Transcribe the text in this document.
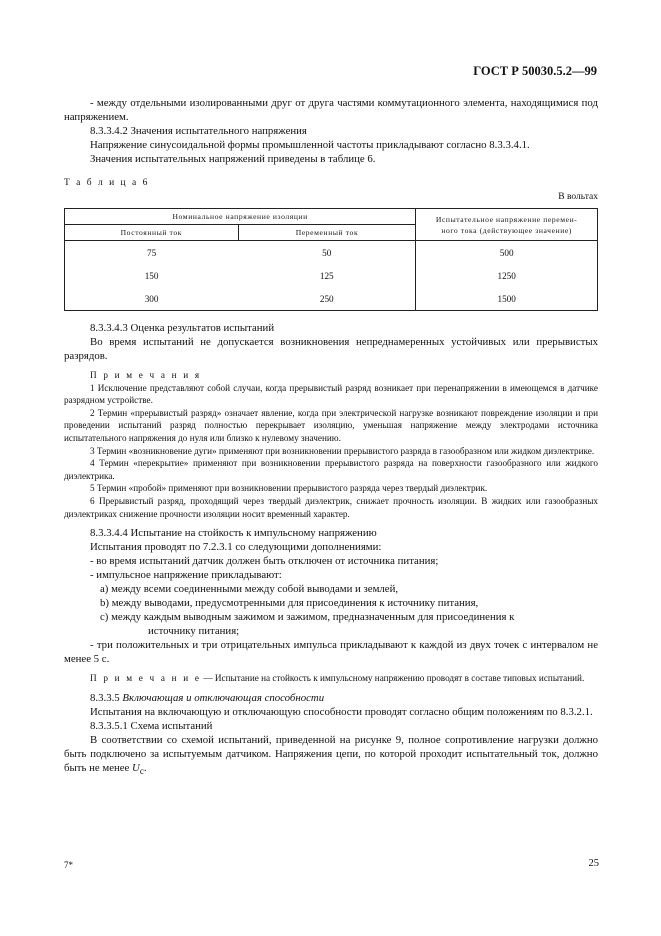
ГОСТ Р 50030.5.2—99

- между отдельными изолированными друг от друга частями коммутационного элемента, находящимися под напряжением.

8.3.3.4.2 Значения испытательного напряжения

Напряжение синусоидальной формы промышленной частоты прикладывают согласно 8.3.3.4.1.

Значения испытательных напряжений приведены в таблице 6.

Т а б л и ц а 6
В вольтах
Номинальное напряжение изоляции		Испытательное напряжение перемен-
ного тока (действующее значение)
Постоянный ток	Переменный ток	
75	50	500
150	125	1250
300	250	1500

8.3.3.4.3 Оценка результатов испытаний

Во время испытаний не допускается возникновения непреднамеренных устойчивых или прерывистых разрядов.

П р и м е ч а н и я

1 Исключение представляют собой случаи, когда прерывистый разряд возникает при перенапряжении в имеющемся в датчике разрядном устройстве.

2 Термин «прерывистый разряд» означает явление, когда при электрической нагрузке возникают повреждение изоляции и при проведении испытаний разряд полностью перекрывает изоляцию, уменьшая напряжение между электродами источника испытательного напряжения до нуля или близко к нулевому значению.

3 Термин «возникновение дуги» применяют при возникновении прерывистого разряда в газообразном или жидком диэлектрике.

4 Термин «перекрытие» применяют при возникновении прерывистого разряда на поверхности газообразного или жидкого диэлектрика.

5 Термин «пробой» применяют при возникновении прерывистого разряда через твердый диэлектрик.

6 Прерывистый разряд, проходящий через твердый диэлектрик, снижает прочность изоляции. В жидких или газообразных диэлектриках снижение прочности изоляции носит временный характер.

8.3.3.4.4 Испытание на стойкость к импульсному напряжению

Испытания проводят по 7.2.3.1 со следующими дополнениями:

- во время испытаний датчик должен быть отключен от источника питания;

- импульсное напряжение прикладывают:

a) между всеми соединенными между собой выводами и землей,

b) между выводами, предусмотренными для присоединения к источнику питания,

c) между каждым выводным зажимом и зажимом, предназначенным для присоединения к
источнику питания;

- три положительных и три отрицательных импульса прикладывают к каждой из двух точек с интервалом не менее 5 с.

П р и м е ч а н и е — Испытание на стойкость к импульсному напряжению проводят в составе типовых испытаний.

8.3.3.5 Включающая и отключающая способности

Испытания на включающую и отключающую способности проводят согласно общим положениям по 8.3.2.1.

8.3.3.5.1 Схема испытаний

В соответствии со схемой испытаний, приведенной на рисунке 9, полное сопротивление нагрузки должно быть подключено за испытуемым датчиком. Напряжения цепи, по которой проходит испытательный ток, должно быть не менее $U_c$.

7*	25
